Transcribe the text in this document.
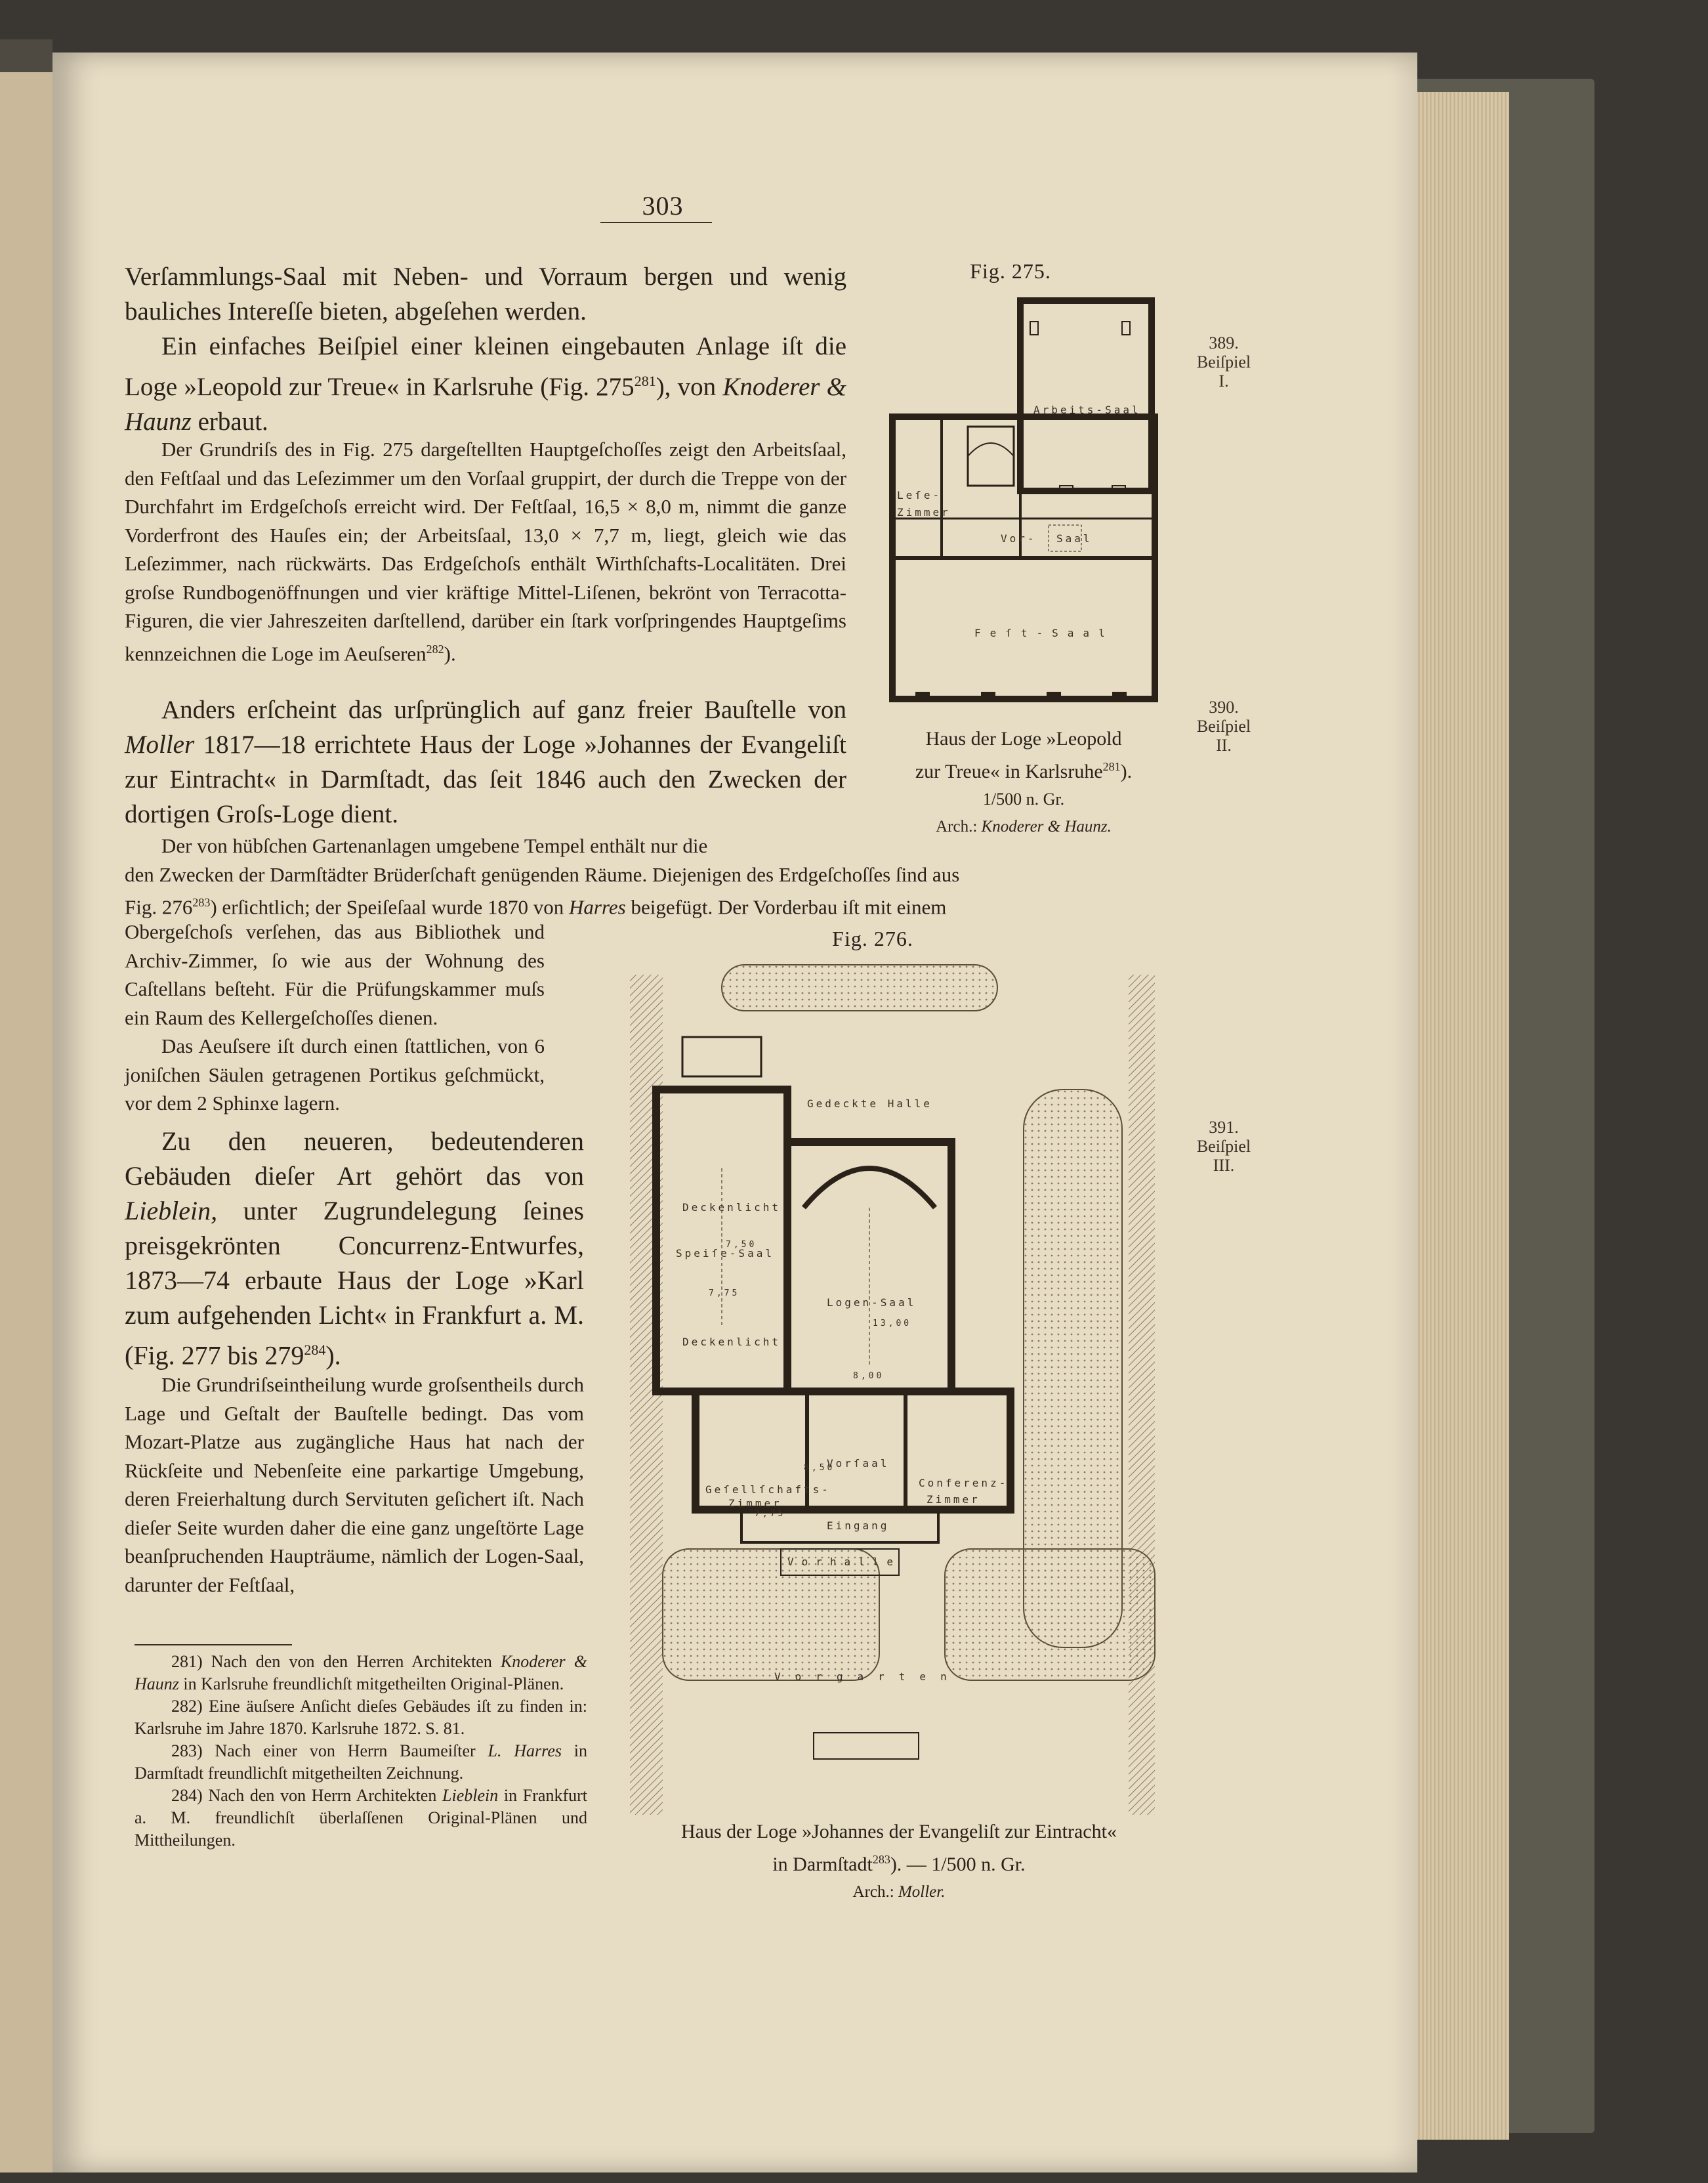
303

Verſammlungs-Saal mit Neben- und Vorraum bergen und wenig bauliches Intereſſe bieten, abgeſehen werden.

Ein einfaches Beiſpiel einer kleinen eingebauten Anlage iſt die Loge »Leopold zur Treue« in Karlsruhe (Fig. $275^{281}$), von Knoderer & Haunz erbaut.

Der Grundriſs des in Fig. 275 dargeſtellten Hauptgeſchoſſes zeigt den Arbeitsſaal, den Feſtſaal und das Leſezimmer um den Vorſaal gruppirt, der durch die Treppe von der Durchfahrt im Erdgeſchoſs erreicht wird. Der Feſtſaal, 16,5 × 8,0 m, nimmt die ganze Vorderfront des Hauſes ein; der Arbeitsſaal, 13,0 × 7,7 m, liegt, gleich wie das Leſezimmer, nach rückwärts. Das Erdgeſchoſs enthält Wirthſchafts-Localitäten. Drei groſse Rundbogenöffnungen und vier kräftige Mittel-Liſenen, bekrönt von Terracotta-Figuren, die vier Jahreszeiten darſtellend, darüber ein ſtark vorſpringendes Hauptgeſims kennzeichnen die Loge im Aeuſseren$^{282}$).

Anders erſcheint das urſprünglich auf ganz freier Bauſtelle von Moller 1817—18 errichtete Haus der Loge »Johannes der Evangeliſt zur Eintracht« in Darmſtadt, das ſeit 1846 auch den Zwecken der dortigen Groſs-Loge dient.

Der von hübſchen Gartenanlagen umgebene Tempel enthält nur die

den Zwecken der Darmſtädter Brüderſchaft genügenden Räume. Diejenigen des Erdgeſchoſſes ſind aus

Fig. $276^{283}$) erſichtlich; der Speiſeſaal wurde 1870 von Harres beigefügt. Der Vorderbau iſt mit einem

Obergeſchoſs verſehen, das aus Bibliothek und Archiv-Zimmer, ſo wie aus der Wohnung des Caſtellans beſteht. Für die Prüfungskammer muſs ein Raum des Kellergeſchoſſes dienen.

Das Aeuſsere iſt durch einen ſtattlichen, von 6 joniſchen Säulen getragenen Portikus geſchmückt, vor dem 2 Sphinxe lagern.

Zu den neueren, bedeutenderen Gebäuden dieſer Art gehört das von Lieblein, unter Zugrundelegung ſeines preisgekrönten Concurrenz-Entwurfes, 1873—74 erbaute Haus der Loge »Karl zum aufgehenden Licht« in Frankfurt a. M. (Fig. 277 bis $279^{284}$).

Die Grundriſseintheilung wurde groſsentheils durch Lage und Geſtalt der Bauſtelle bedingt. Das vom Mozart-Platze aus zugängliche Haus hat nach der Rückſeite und Nebenſeite eine parkartige Umgebung, deren Freierhaltung durch Servituten geſichert iſt. Nach dieſer Seite wurden daher die eine ganz ungeſtörte Lage beanſpruchenden Haupträume, nämlich der Logen-Saal, darunter der Feſtſaal,

281) Nach den von den Herren Architekten Knoderer & Haunz in Karlsruhe freundlichſt mitgetheilten Original-Plänen.

282) Eine äuſsere Anſicht dieſes Gebäudes iſt zu finden in: Karlsruhe im Jahre 1870. Karlsruhe 1872. S. 81.

283) Nach einer von Herrn Baumeiſter L. Harres in Darmſtadt freundlichſt mitgetheilten Zeichnung.

284) Nach den von Herrn Architekten Lieblein in Frankfurt a. M. freundlichſt überlaſſenen Original-Plänen und Mittheilungen.

389.
Beiſpiel
I.
390.
Beiſpiel
II.
391.
Beiſpiel
III.
Fig. 275.
Arbeits-Saal
Leſe-
Zimmer
Vor- Saal
Feſt-Saal
Haus der Loge »Leopold
zur Treue« in Karlsruhe$^{281}$).
1/500 n. Gr.
Arch.: Knoderer & Haunz.
Fig. 276.
Gedeckte Halle
Deckenlicht
Speiſe-Saal
Deckenlicht
7,50
7,75
Logen-Saal
13,00
8,00
Vorſaal
Geſellſchafts-
Zimmer
7,75
8,50
Conferenz-
Zimmer
Eingang
Vorhalle
Vorgarten
Haus der Loge »Johannes der Evangeliſt zur Eintracht«
in Darmſtadt$^{283}$). — 1/500 n. Gr.
Arch.: Moller.
